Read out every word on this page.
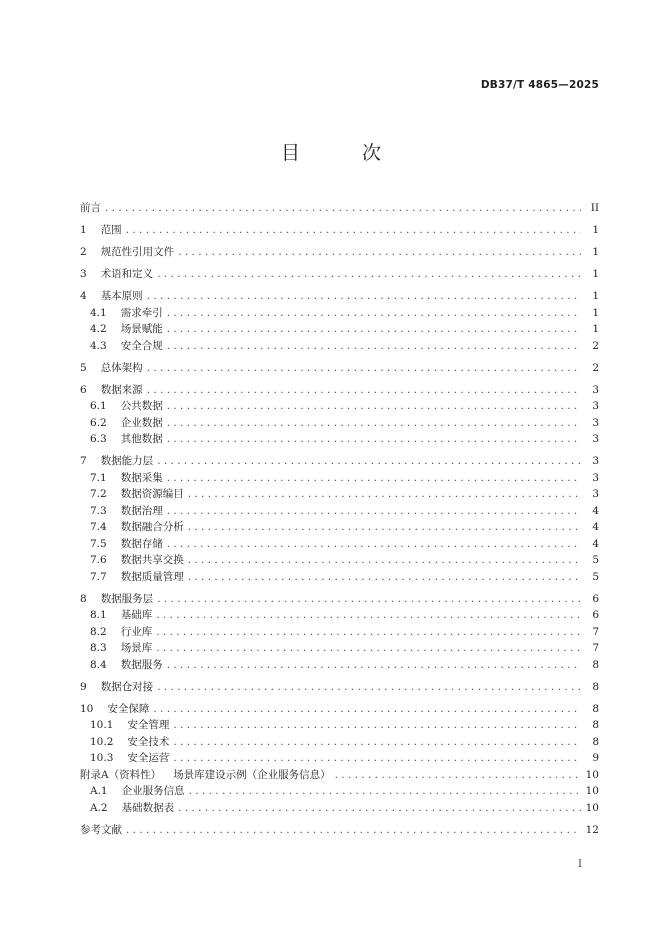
DB37/T 4865—2025
目 次
前言 . . .	II
1 范围 . . .	1
2 规范性引用文件 . . .	1
3 术语和定义 . . .	1
4 基本原则 . . .	1
4.1 需求牵引 . . .	1
4.2 场景赋能 . . .	1
4.3 安全合规 . . .	2
5 总体架构 . . .	2
6 数据来源 . . .	3
6.1 公共数据 . . .	3
6.2 企业数据 . . .	3
6.3 其他数据 . . .	3
7 数据能力层 . . .	3
7.1 数据采集 . . .	3
7.2 数据资源编目 . . .	3
7.3 数据治理 . . .	4
7.4 数据融合分析 . . .	4
7.5 数据存储 . . .	4
7.6 数据共享交换 . . .	5
7.7 数据质量管理 . . .	5
8 数据服务层 . . .	6
8.1 基础库 . . .	6
8.2 行业库 . . .	7
8.3 场景库 . . .	7
8.4 数据服务 . . .	8
9 数据仓对接 . . .	8
10 安全保障 . . .	8
10.1 安全管理 . . .	8
10.2 安全技术 . . .	8
10.3 安全运营 . . .	9
附录A（资料性） 场景库建设示例（企业服务信息） . . .	10
A.1 企业服务信息 . . .	10
A.2 基础数据表 . . .	10
参考文献 . . .	12
I
